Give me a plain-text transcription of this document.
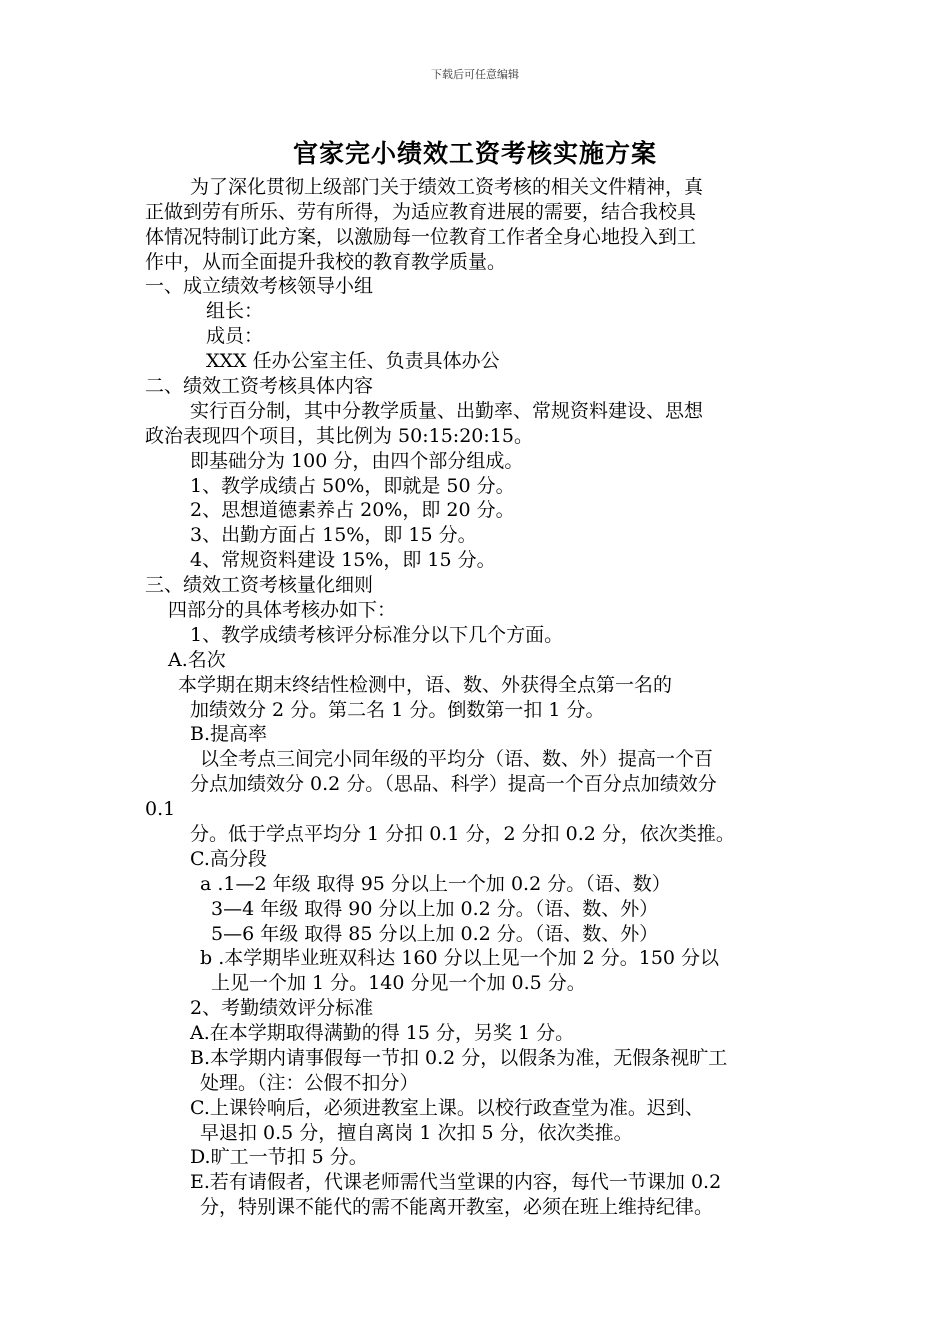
下载后可任意编辑
官家完小绩效工资考核实施方案
为了深化贯彻上级部门关于绩效工资考核的相关文件精神，真
正做到劳有所乐、劳有所得，为适应教育进展的需要，结合我校具
体情况特制订此方案，以激励每一位教育工作者全身心地投入到工
作中，从而全面提升我校的教育教学质量。
一、成立绩效考核领导小组
组长：
成员：
XXX 任办公室主任、负责具体办公
二、绩效工资考核具体内容
实行百分制，其中分教学质量、出勤率、常规资料建设、思想
政治表现四个项目，其比例为 50:15:20:15。
即基础分为 100 分，由四个部分组成。
1、教学成绩占 50%，即就是 50 分。
2、思想道德素养占 20%，即 20 分。
3、出勤方面占 15%，即 15 分。
4、常规资料建设 15%，即 15 分。
三、绩效工资考核量化细则
四部分的具体考核办如下：
1、教学成绩考核评分标准分以下几个方面。
A.名次
本学期在期末终结性检测中，语、数、外获得全点第一名的
加绩效分 2 分。第二名 1 分。倒数第一扣 1 分。
B.提高率
以全考点三间完小同年级的平均分（语、数、外）提高一个百
分点加绩效分 0.2 分。（思品、科学）提高一个百分点加绩效分
0.1
分。低于学点平均分 1 分扣 0.1 分，2 分扣 0.2 分，依次类推。
C.高分段
a .1—2 年级 取得 95 分以上一个加 0.2 分。（语、数）
3—4 年级 取得 90 分以上加 0.2 分。（语、数、外）
5—6 年级 取得 85 分以上加 0.2 分。（语、数、外）
b .本学期毕业班双科达 160 分以上见一个加 2 分。150 分以
上见一个加 1 分。140 分见一个加 0.5 分。
2、考勤绩效评分标准
A.在本学期取得满勤的得 15 分，另奖 1 分。
B.本学期内请事假每一节扣 0.2 分，以假条为准，无假条视旷工
处理。（注：公假不扣分）
C.上课铃响后，必须进教室上课。以校行政查堂为准。迟到、
早退扣 0.5 分，擅自离岗 1 次扣 5 分，依次类推。
D.旷工一节扣 5 分。
E.若有请假者，代课老师需代当堂课的内容，每代一节课加 0.2
分，特别课不能代的需不能离开教室，必须在班上维持纪律。
